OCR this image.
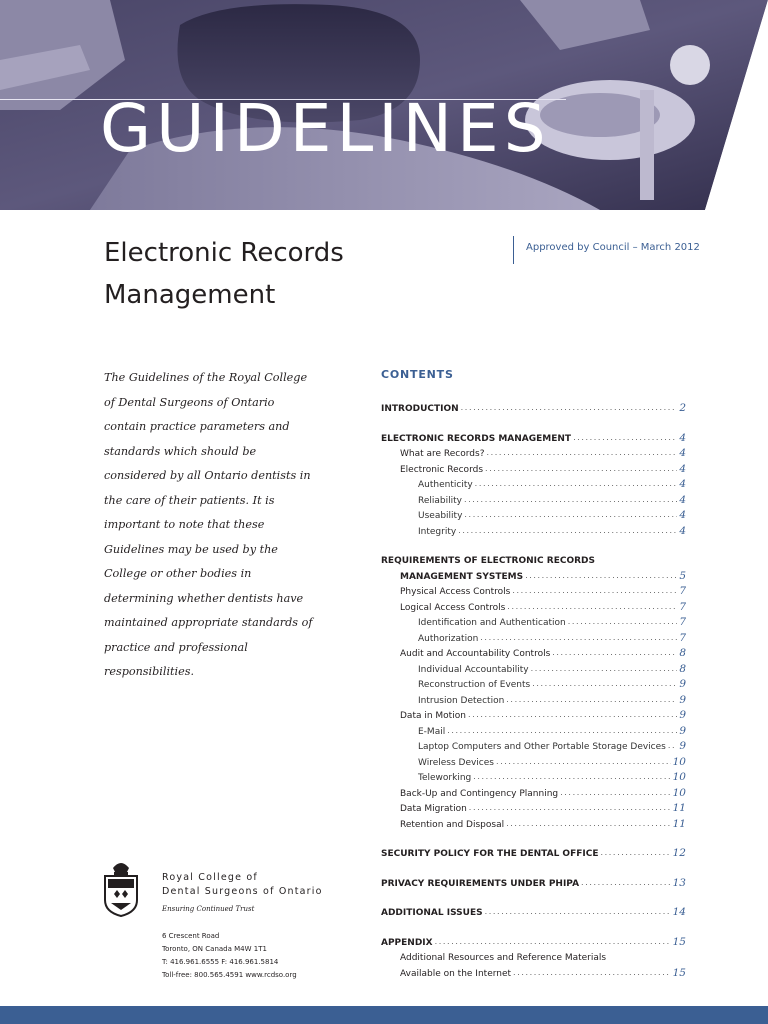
GUIDELINES
Electronic Records
Management
Approved by Council – March 2012

The Guidelines of the Royal College of Dental Surgeons of Ontario contain practice parameters and standards which should be considered by all Ontario dentists in the care of their patients. It is important to note that these Guidelines may be used by the College or other bodies in determining whether dentists have maintained appropriate standards of practice and professional responsibilities.

CONTENTS
INTRODUCTION .....	2
ELECTRONIC RECORDS MANAGEMENT .....	4
What are Records? .....	4
Electronic Records .....	4
Authenticity .....	4
Reliability .....	4
Useability .....	4
Integrity .....	4
REQUIREMENTS OF ELECTRONIC RECORDS
MANAGEMENT SYSTEMS .....	5
Physical Access Controls .....	7
Logical Access Controls .....	7
Identification and Authentication .....	7
Authorization .....	7
Audit and Accountability Controls .....	8
Individual Accountability .....	8
Reconstruction of Events .....	9
Intrusion Detection .....	9
Data in Motion .....	9
E-Mail .....	9
Laptop Computers and Other Portable Storage Devices ..... 9
Wireless Devices .....	10
Teleworking .....	10
Back-Up and Contingency Planning .....	10
Data Migration .....	11
Retention and Disposal .....	11
SECURITY POLICY FOR THE DENTAL OFFICE .....	12
PRIVACY REQUIREMENTS UNDER PHIPA .....	13
ADDITIONAL ISSUES .....	14
APPENDIX .....	15
Additional Resources and Reference Materials
Available on the Internet .....	15
Royal College of
Dental Surgeons of Ontario
Ensuring Continued Trust
6 Crescent Road
Toronto, ON Canada M4W 1T1
T: 416.961.6555 F: 416.961.5814
Toll-free: 800.565.4591 www.rcdso.org
